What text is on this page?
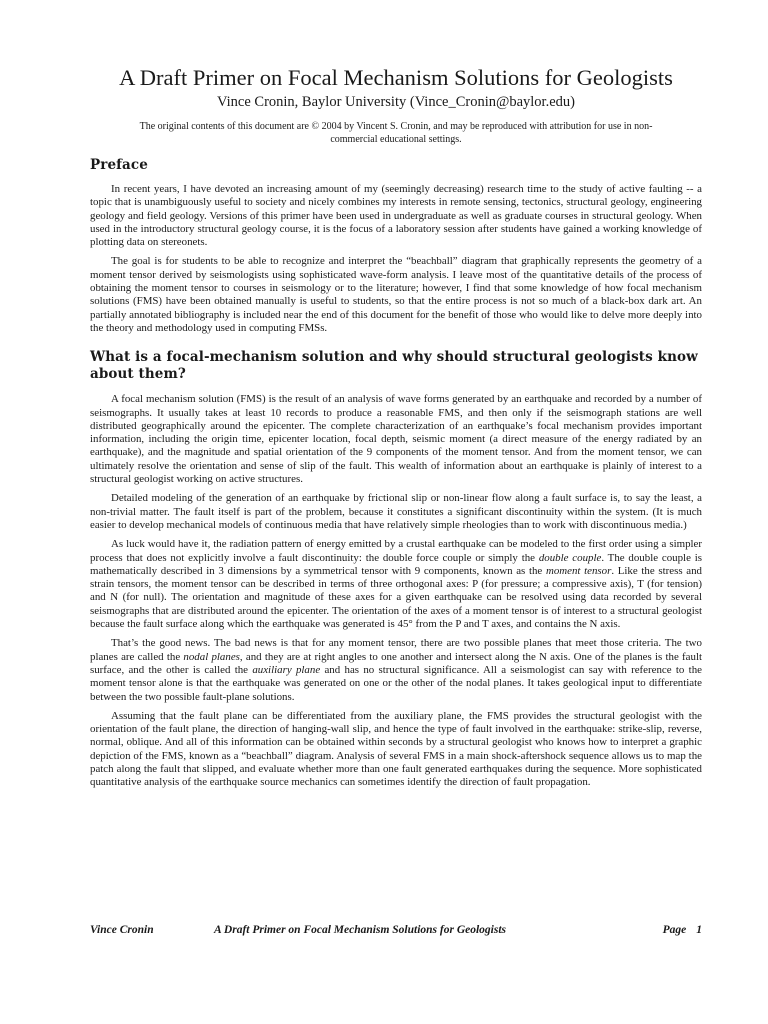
A Draft Primer on Focal Mechanism Solutions for Geologists
Vince Cronin, Baylor University (Vince_Cronin@baylor.edu)
The original contents of this document are © 2004 by Vincent S. Cronin, and may be reproduced with attribution for use in non-commercial educational settings.
Preface

In recent years, I have devoted an increasing amount of my (seemingly decreasing) research time to the study of active faulting -- a topic that is unambiguously useful to society and nicely combines my interests in remote sensing, tectonics, structural geology, engineering geology and field geology. Versions of this primer have been used in undergraduate as well as graduate courses in structural geology. When used in the introductory structural geology course, it is the focus of a laboratory session after students have gained a working knowledge of plotting data on stereonets.

The goal is for students to be able to recognize and interpret the “beachball” diagram that graphically represents the geometry of a moment tensor derived by seismologists using sophisticated wave-form analysis. I leave most of the quantitative details of the process of obtaining the moment tensor to courses in seismology or to the literature; however, I find that some knowledge of how focal mechanism solutions (FMS) have been obtained manually is useful to students, so that the entire process is not so much of a black-box dark art. An partially annotated bibliography is included near the end of this document for the benefit of those who would like to delve more deeply into the theory and methodology used in computing FMSs.

What is a focal-mechanism solution and why should structural geologists know about them?

A focal mechanism solution (FMS) is the result of an analysis of wave forms generated by an earthquake and recorded by a number of seismographs. It usually takes at least 10 records to produce a reasonable FMS, and then only if the seismograph stations are well distributed geographically around the epicenter. The complete characterization of an earthquake’s focal mechanism provides important information, including the origin time, epicenter location, focal depth, seismic moment (a direct measure of the energy radiated by an earthquake), and the magnitude and spatial orientation of the 9 components of the moment tensor. And from the moment tensor, we can ultimately resolve the orientation and sense of slip of the fault. This wealth of information about an earthquake is plainly of interest to a structural geologist working on active structures.

Detailed modeling of the generation of an earthquake by frictional slip or non-linear flow along a fault surface is, to say the least, a non-trivial matter. The fault itself is part of the problem, because it constitutes a significant discontinuity within the system. (It is much easier to develop mechanical models of continuous media that have relatively simple rheologies than to work with discontinuous media.)

As luck would have it, the radiation pattern of energy emitted by a crustal earthquake can be modeled to the first order using a simpler process that does not explicitly involve a fault discontinuity: the double force couple or simply the double couple. The double couple is mathematically described in 3 dimensions by a symmetrical tensor with 9 components, known as the moment tensor. Like the stress and strain tensors, the moment tensor can be described in terms of three orthogonal axes: P (for pressure; a compressive axis), T (for tension) and N (for null). The orientation and magnitude of these axes for a given earthquake can be resolved using data recorded by several seismographs that are distributed around the epicenter. The orientation of the axes of a moment tensor is of interest to a structural geologist because the fault surface along which the earthquake was generated is 45° from the P and T axes, and contains the N axis.

That’s the good news. The bad news is that for any moment tensor, there are two possible planes that meet those criteria. The two planes are called the nodal planes, and they are at right angles to one another and intersect along the N axis. One of the planes is the fault surface, and the other is called the auxiliary plane and has no structural significance. All a seismologist can say with reference to the moment tensor alone is that the earthquake was generated on one or the other of the nodal planes. It takes geological input to differentiate between the two possible fault-plane solutions.

Assuming that the fault plane can be differentiated from the auxiliary plane, the FMS provides the structural geologist with the orientation of the fault plane, the direction of hanging-wall slip, and hence the type of fault involved in the earthquake: strike-slip, reverse, normal, oblique. And all of this information can be obtained within seconds by a structural geologist who knows how to interpret a graphic depiction of the FMS, known as a “beachball” diagram. Analysis of several FMS in a main shock-aftershock sequence allows us to map the patch along the fault that slipped, and evaluate whether more than one fault generated earthquakes during the sequence. More sophisticated quantitative analysis of the earthquake source mechanics can sometimes identify the direction of fault propagation.

Vince Cronin	A Draft Primer on Focal Mechanism Solutions for Geologists	Page 1
